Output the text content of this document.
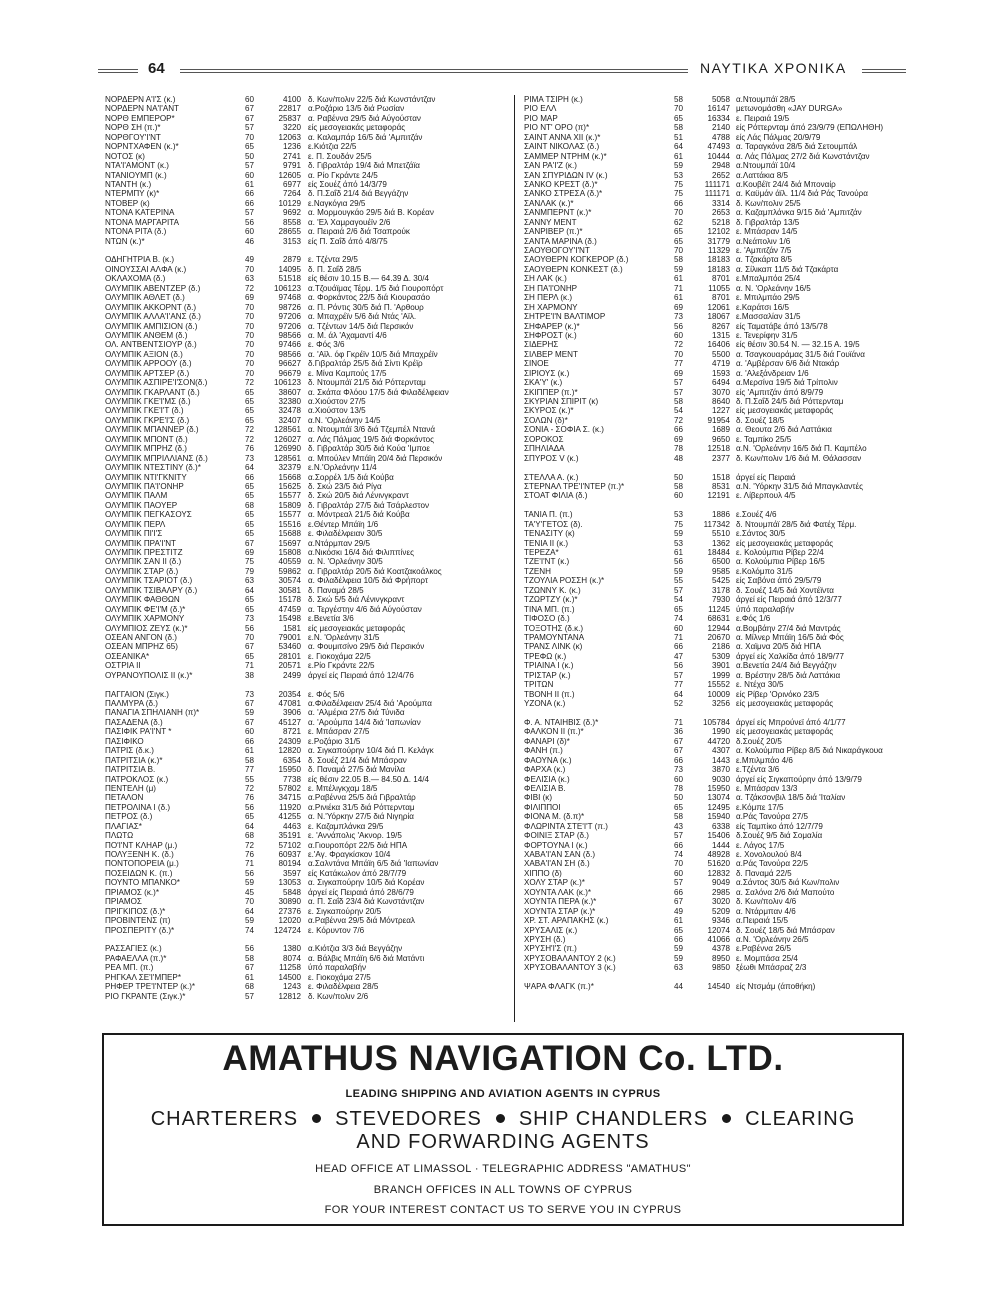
64	ΝΑΥΤΙΚΑ ΧΡΟΝΙΚΑ
ΝΟΡΔΕΡΝ Α'Ι'Σ (κ.)	60	4100 δ. Κων/πολιν 22/5 διά Κωνστάντζαν
ΝΟΡΔΕΡΝ ΝΑ'Ι'ΑΝΤ	67	22817 α.Ροζάριο 13/5 διά Ρωσίαν
ΝΟΡΘ ΕΜΠΕΡΟΡ*	67	25837 α. Ραβέννα 29/5 διά Αύγούσταν
ΝΟΡΘ ΣΗ (π.)*	57	3220 είς μεσογειακάς μεταφοράς
ΝΟΡΘΓΟΥ'Ι'ΝΤ	70	12063 α. Καλαμπάρ 16/5 διά 'Αμπιτζάν
ΝΟΡΝΤΧΑΦΕΝ (κ.)*	65	1236 ε.Κιότζια 22/5
ΝΟΤΟΣ (κ)	50	2741 ε. Π. Σουδάν 25/5
ΝΤΑ'Ι'ΑΜΟΝΤ (κ.)	57	9791 δ. Γιβραλτάρ 19/4 διά Μπετζάϊα
ΝΤΑΝΙΟΥΜΠ (κ.)	60	12605 α. Ρίο Γκράντε 24/5
ΝΤΑΝΤΗ (κ.)	61	6977 είς Σουέζ άπό 14/3/79
ΝΤΕΡΜΠΥ (κ)*	66	7264 δ. Π.Σαΐδ 21/4 διά Βεγγάζην
ΝΤΟΒΕΡ (κ)	66	10129 ε.Ναγκόγια 29/5
ΝΤΟΝΑ ΚΑΤΕΡΙΝΑ	57	9692 α. Μορμουγκάο 29/5 διά Β. Κορέαν
ΝΤΟΝΑ ΜΑΡΓΑΡΙΤΑ	56	8558 α. 'Ελ Χαμραγουέϊν 2/6
ΝΤΟΝΑ ΡΙΤΑ (δ.)	60	28655 α. Πειραιά 2/6 διά Τσαπρούκ
ΝΤΩΝ (κ.)*	46	3153 είς Π. Σαΐδ άπό 4/8/75
ΟΔΗΓΗΤΡΙΑ Β. (κ.)	49	2879 ε. Τζέντα 29/5
ΟΙΝΟΥΣΣΑΙ ΑΛΦΑ (κ.)	70	14095 δ. Π. Σαΐδ 28/5
ΟΚΛΑΧΟΜΑ (δ.)	63	51518 είς θέσιν 10.15 Β.— 64.39 Δ. 30/4
ΟΛΥΜΠΙΚ ΑΒΕΝΤΖΕΡ (δ.)	72	106123 α.Τζουάϊμας Τέρμ. 1/5 διά Γιουροπόρτ
ΟΛΥΜΠΙΚ ΑΘΛΕΤ (δ.)	69	97468 α. Φορκάντος 22/5 διά Κιουρασάο
ΟΛΥΜΠΙΚ ΑΚΚΟΡΝΤ (δ.)	70	98726 α. Π. Ρόντις 30/5 διά Π. 'Αρθουρ
ΟΛΥΜΠΙΚ ΑΛΛΑ'Ι'ΑΝΣ (δ.)	70	97206 α. Μπαχρέϊν 5/6 διά Ντάς 'Αϊλ.
ΟΛΥΜΠΙΚ ΑΜΠΙΣΙΟΝ (δ.)	70	97206 α. Τζέντων 14/5 διά Περσικόν
ΟΛΥΜΠΙΚ ΑΝΘΕΜ (δ.)	70	98566 α. Μ. άλ 'Αχαμαντί 4/6
ΟΛ. ΑΝΤΒΕΝΤΣΙΟΥΡ (δ.)	70	97466 ε. Φός 3/6
ΟΛΥΜΠΙΚ ΑΞΙΟΝ (δ.)	70	98566 α. 'Αϊλ. όφ Γκρέϊν 10/5 διά Μπαχρέϊν
ΟΛΥΜΠΙΚ ΑΡΡΟΟΥ (δ.)	70	96627 δ.Γιβραλτάρ 25/5 διά Σίντι Κρέϊρ
ΟΛΥΜΠΙΚ ΑΡΤΣΕΡ (δ.)	70	96679 ε. Μίνα Καμπούς 17/5
ΟΛΥΜΠΙΚ ΑΣΠΙΡΕ'Ι'ΣΟΝ(δ.)	72	106123 δ. Ντουμπάϊ 21/5 διά Ρόττερνταμ
ΟΛΥΜΠΙΚ ΓΚΑΡΛΑΝΤ (δ.)	65	38607 α. Σκάπα Φλόου 17/5 διά Φιλαδέλφειαν
ΟΛΥΜΠΙΚ ΓΚΕ'Ι'ΜΣ (δ.)	65	32380 α.Χιούστον 27/5
ΟΛΥΜΠΙΚ ΓΚΕ'Ι'Τ (δ.)	65	32478 α.Χιούστον 13/5
ΟΛΥΜΠΙΚ ΓΚΡΕ'Ι'Σ (δ.)	65	32407 α.Ν. 'Ορλεάνην 14/5
ΟΛΥΜΠΙΚ ΜΠΑΝΝΕΡ (δ.)	72	128561 α. Ντουμπάϊ 3/6 διά Τζεμπέλ Ντανά
ΟΛΥΜΠΙΚ ΜΠΟΝΤ (δ.)	72	126027 α. Λάς Πάλμας 19/5 διά Φορκάντος
ΟΛΥΜΠΙΚ ΜΠΡΗΖ (δ.)	76	126990 δ. Γιβραλτάρ 30/5 διά Κούα 'Ιμποε
ΟΛΥΜΠΙΚ ΜΠΡΙΛΛΙΑΝΣ (δ.)	73	128561 α. Μπούλεν Μπάϊη 20/4 διά Περσικόν
ΟΛΥΜΠΙΚ ΝΤΕΣΤΙΝΥ (δ.)*	64	32379 ε.Ν.'Ορλεάνην 11/4
ΟΛΥΜΠΙΚ ΝΤΙ'ΓΚΝΙΤΥ	66	15668 α.Σορρέλ 1/5 διά Κούβα
ΟΛΥΜΠΙΚ ΠΑ'Ι'ΟΝΗΡ	65	15625 δ. Σκώ 23/5 διά Ρίγα
ΟΛΥΜΠΙΚ ΠΑΛΜ	65	15577 δ. Σκώ 20/5 διά Λένινγκραντ
ΟΛΥΜΠΙΚ ΠΑΟΥΕΡ	68	15809 δ. Γιβραλτάρ 27/5 διά Τσάρλεστον
ΟΛΥΜΠΙΚ ΠΕΓΚΑΣΟΥΣ	65	15577 α. Μόντρεαλ 21/5 διά Κούβα
ΟΛΥΜΠΙΚ ΠΕΡΛ	65	15516 ε.Θέντερ Μπάϊη 1/6
ΟΛΥΜΠΙΚ ΠΙ'Ι'Σ	65	15688 ε. Φιλαδέλφειαν 30/5
ΟΛΥΜΠΙΚ ΠΡΑ'Ι'ΝΤ	67	15697 α.Ντάρμπαν 29/5
ΟΛΥΜΠΙΚ ΠΡΕΣΤΙΤΖ	69	15808 α.Νικόσκι 16/4 διά Φιλιππίνες
ΟΛΥΜΠΙΚ ΣΑΝ ΙΙ (δ.)	75	40559 α. Ν. 'Ορλεάνην 30/5
ΟΛΥΜΠΙΚ ΣΤΑΡ (δ.)	79	59862 α. Γιβραλτάρ 20/5 διά Κοατζακοάλκος
ΟΛΥΜΠΙΚ ΤΣΑΡΙΟΤ (δ.)	63	30574 α. Φιλαδέλφεια 10/5 διά Φρήπορτ
ΟΛΥΜΠΙΚ ΤΣΙΒΑΛΡΥ (δ.)	64	30581 δ. Παναμά 28/5
ΟΛΥΜΠΙΚ ΦΑΘΘΩΝ	65	15178 δ. Σκώ 5/5 διά Λένινγκραντ
ΟΛΥΜΠΙΚ ΦΕ'Ι'Μ (δ.)*	65	47459 α. Τεργέστην 4/6 διά Αύγούσταν
ΟΛΥΜΠΙΚ ΧΑΡΜΟΝΥ	73	15498 ε.Βενετία 3/6
ΟΛΥΜΠΙΟΣ ΖΕΥΣ (κ.)*	56	1581 είς μεσογειακάς μεταφοράς
ΟΣΕΑΝ ΑΝΓΟΝ (δ.)	70	79001 ε.Ν. 'Ορλεάνην 31/5
ΟΣΕΑΝ ΜΠΡΗΖ 65)	67	53460 α. Φουμιτσίνο 29/5 διά Περσικόν
ΟΣΕΑΝΙΚΑ*	65	28101 ε. Γιοκοχάμα 22/5
ΟΣΤΡΙΑ ΙΙ	71	20571 ε.Ρίο Γκράντε 22/5
ΟΥΡΑΝΟΥΠΟΛΙΣ ΙΙ (κ.)*	38	2499 άργεί είς Πειραιά άπό 12/4/76
ΠΑΓΓΑΙΟΝ (Σιγκ.)	73	20354 ε. Φός 5/6
ΠΑΛΜΥΡΑ (δ.)	67	47081 α.Φιλαδέλφειαν 25/4 διά 'Αρούμπα
ΠΑΝΑΓΙΑ ΣΠΗΛΙΑΝΗ (π)*	59	3906 α. 'Αλμέρια 27/5 διά Τύνιδα
ΠΑΣΑΔΕΝΑ (δ.)	67	45127 α. 'Αρούμπα 14/4 διά 'Ιαπωνίαν
ΠΑΣΙΦΙΚ ΡΑ'Ι'ΝΤ *	60	8721 ε. Μπάσραν 27/5
ΠΑΣΙΦΙΚΟ	66	24309 ε.Ροζάριο 31/5
ΠΑΤΡΙΣ (δ.κ.)	61	12820 α. Σιγκαπούρην 10/4 διά Π. Κελάγκ
ΠΑΤΡΙΤΣΙΑ (κ.)*	58	6354 δ. Σουέζ 21/4 διά Μπάσραν
ΠΑΤΡΙΤΣΙΑ Β.	77	15950 δ. Παναμά 27/5 διά Μανίλα
ΠΑΤΡΟΚΛΟΣ (κ.)	55	7738 είς θέσιν 22.05 Β.— 84.50 Δ. 14/4
ΠΕΝΤΕΛΗ (μ)	72	57802 ε. Μπέλιγκχαμ 18/5
ΠΕΤΑΛΟΝ	76	34715 α.Ραβέννα 25/5 διά Γιβραλτάρ
ΠΕΤΡΟΛΙΝΑ Ι (δ.)	56	11920 α.Ρινιέκα 31/5 διά Ρόττερνταμ
ΠΕΤΡΟΣ (δ.)	65	41255 α. Ν.'Υόρκην 27/5 διά Νιγηρία
ΠΛΑΓΙΑΣ*	64	4463 ε. Καζαμπλάνκα 29/5
ΠΛΩΤΩ	68	35191 ε. 'Αννάπολις 'Ακνορ. 19/5
ΠΟ'Ι'ΝΤ ΚΛΗΑΡ (μ.)	72	57102 α.Γιουροπόρτ 22/5 διά ΗΠΑ
ΠΟΛΥΞΕΝΗ Κ. (δ.)	76	60937 ε.'Αγ. Φραγκίσκον 10/4
ΠΟΝΤΟΠΟΡΕΙΑ (μ.)	71	80194 α.Σαλντάνα Μπάϊη 6/5 διά 'Ιαπωνίαν
ΠΟΣΕΙΔΩΝ Κ. (π.)	56	3597 είς Κατάκωλον άπό 28/7/79
ΠΟΥΝΤΟ ΜΠΑΝΚΟ*	59	13053 α. Σιγκαπούρην 10/5 διά Κορέαν
ΠΡΙΑΜΟΣ (κ.)*	45	5848 άργεί είς Πειραιά άπό 28/6/79
ΠΡΙΑΜΟΣ	70	30890 α. Π. Σαΐδ 23/4 διά Κωνστάντζαν
ΠΡΙΓΚΙΠΟΣ (δ.)*	64	27376 ε. Σιγκαπούρην 20/5
ΠΡΟΒΙΝΤΕΝΣ (π)	59	12020 α.Ραβέννα 29/5 διά Μόντρεαλ
ΠΡΟΣΠΕΡΙΤΥ (δ.)*	74	124724 ε. Κόρυντον 7/6
ΡΑΣΣΑΓΙΕΣ (κ.)	56	1380 α.Κιότζια 3/3 διά Βεγγάζην
ΡΑΦΑΕΛΛΑ (π.)*	58	8074 α. Βάλβις Μπάϊη 6/6 διά Ματάντι
ΡΕΑ ΜΠ. (π.)	67	11258 ύπό παραλαβήν
ΡΗΓΚΑΛ ΣΕ'Ι'ΜΠΕΡ*	61	14500 ε. Γιοκοχάμα 27/5
ΡΗΦΕΡ ΤΡΕ'Ι'ΝΤΕΡ (κ.)*	68	1243 ε. Φιλαδέλφεια 28/5
ΡΙΟ ΓΚΡΑΝΤΕ (Σιγκ.)*	57	12812 δ. Κων/πολιν 2/6
ΡΙΜΑ ΤΣΙΡΗ (κ.)	58	5058 α.Ντουμπάϊ 28/5
ΡΙΟ ΕΛΛ	70	16147 μετωνομάσθη «JAY DURGA»
ΡΙΟ ΜΑΡ	65	16334 ε. Πειραιά 19/5
ΡΙΟ ΝΤ' ΟΡΟ (π)*	58	2140 είς Ρόττερνταμ άπό 23/9/79 (ΕΠΩΛΗΘΗ)
ΣΑΙΝΤ ΑΝΝΑ ΧΙΙ (κ.)*	51	4788 είς Λάς Πάλμας 20/9/79
ΣΑΙΝΤ ΝΙΚΟΛΑΣ (δ.)	64	47493 α. Ταραγκόνα 28/5 διά Σετουμπάλ
ΣΑΜΜΕΡ ΝΤΡΗΜ (κ.)*	61	10444 α. Λάς Πάλμας 27/2 διά Κωνστάντζαν
ΣΑΝ ΡΑ'Ι'Ζ (κ.)	59	2948 α.Ντουμπάϊ 10/4
ΣΑΝ ΣΠΥΡΙΔΩΝ ΙV (κ.)	53	2652 α.Λαττάκια 8/5
ΣΑΝΚΟ ΚΡΕΣΤ (δ.)*	75	111171 α.Κουβέϊτ 24/4 διά Μποναίρ
ΣΑΝΚΟ ΣΤΡΕΣΑ (δ.)*	75	111171 α. Καϋμάν άϊλ. 11/4 διά Ράς Τανούρα
ΣΑΝΛΑΚ (κ.)*	66	3314 δ. Κων/πολιν 25/5
ΣΑΝΜΠΕΡΝΤ (κ.)*	70	2653 α. Καζαμπλάνκα 9/15 διά 'Αμπιτζάν
ΣΑΝΝΥ ΜΕΝΤ	62	5218 δ. Γιβραλτάρ 13/5
ΣΑΝΡΙΒΕΡ (π.)*	65	12102 ε. Μπάσραν 14/5
ΣΑΝΤΑ ΜΑΡΙΝΑ (δ.)	65	31779 α.Νεάπολιν 1/6
ΣΑΟΥΘΟΓΟΥ'Ι'ΝΤ	70	11329 ε. 'Αμπιτζάν 7/5
ΣΑΟΥΘΕΡΝ ΚΟΓΚΕΡΟΡ (δ.)	58	18183 α. Τζακάρτα 8/5
ΣΑΟΥΘΕΡΝ ΚΟΝΚΕΣΤ (δ.)	59	18183 α. Σίλικαπ 11/5 διά Τζακάρτα
ΣΗ ΛΑΚ (κ.)	61	8701 ε.Μπαλμπόα 25/4
ΣΗ ΠΑ'Ι'ΟΝΗΡ	71	11055 α. Ν. 'Ορλεάνην 16/5
ΣΗ ΠΕΡΛ (κ.)	61	8701 ε. Μπιλμπάο 29/5
ΣΗ ΧΑΡΜΟΝΥ	69	12061 ε.Καράτσι 16/5
ΣΗΤΡΕ'Ι'Ν ΒΑΛΤΙΜΟΡ	73	18067 ε.Μασσαλίαν 31/5
ΣΗΦΑΡΕΡ (κ.)*	56	8267 είς Ταματάβε άπό 13/5/78
ΣΗΦΡΟΣΤ (κ.)	60	1315 ε. Τενερίφην 31/5
ΣΙΔΕΡΗΣ	72	16406 είς θέσιν 30.54 Ν. — 32.15 Α. 19/5
ΣΙΛΒΕΡ ΜΕΝΤ	70	5500 α. Τσαγκουαράμας 31/5 διά Γουϊάνα
ΣΙΝΟΕ	77	4719 α. 'Αμβέρσαν 6/6 διά Ντακάρ
ΣΙΡΙΟΥΣ (κ.)	69	1593 α. 'Αλεξάνδρειαν 1/6
ΣΚΑ'Υ' (κ.)	57	6494 α.Μερσίνα 19/5 διά Τρίπολιν
ΣΚΙΠΠΕΡ (π.)*	57	3070 είς 'Αμπιτζάν άπό 8/9/79
ΣΚΥΡΙΑΝ ΣΠΙΡΙΤ (κ)	58	8640 δ. Π.Σαΐδ 24/5 διά Ρόττερνταμ
ΣΚΥΡΟΣ (κ.)*	54	1227 είς μεσογειακάς μεταφοράς
ΣΟΛΩΝ (δ)*	72	91954 δ. Σουέζ 18/5
ΣΟΝΙΑ - ΣΟΦΙΑ Σ. (κ.)	66	1689 α. Θεουτα 2/6 διά Λαττάκια
ΣΟΡΟΚΟΣ	69	9650 ε. Ταμπίκο 25/5
ΣΠΗΛΙΑΔΑ	78	12518 α.Ν. 'Ορλεάνην 16/5 διά Π. Καμπέλο
ΣΠΥΡΟΣ V (κ.)	48	2377 δ. Κων/πολιν 1/6 διά Μ. Θάλασσαν
ΣΤΕΛΛΑ Α. (κ.)	50	1518 άργεί είς Πειραιά
ΣΤΕΡΝΑΛ ΤΡΕ'Ι'ΝΤΕΡ (π.)*	58	8531 α.Ν. 'Υόρκην 31/5 διά Μπαγκλαντές
ΣΤΟΑΤ ΦΙΛΙΑ (δ.)	60	12191 ε. Λίβερπουλ 4/5
ΤΑΝΙΑ Π. (π.)	53	1886 ε.Σουέζ 4/6
ΤΑ'Υ'ΓΕΤΟΣ (δ).	75	117342 δ. Ντουμπάϊ 28/5 διά Φατέχ Τέρμ.
ΤΕΝΑΣΙΤΥ (κ)	59	5510 ε.Σάντος 30/5
ΤΕΝΙΑ ΙΙ (κ.)	53	1362 είς μεσογειακάς μεταφοράς
ΤΕΡΕΖΑ*	61	18484 ε. Κολούμπια Ρίβερ 22/4
ΤΖΕ'Ι'ΝΤ (κ.)	56	6500 α. Κολούμπια Ρίβερ 16/5
ΤΖΕΝΗ	59	9585 ε.Κολόμπο 31/5
ΤΖΟΥΛΙΑ ΡΟΣΣΗ (κ.)*	55	5425 είς Σαβόνα άπό 29/5/79
ΤΖΩΝΝΥ Κ. (κ.)	57	3178 δ. Σουέζ 14/5 διά Χοντέϊντα
ΤΖΩΡΤΖΥ (κ.)*	54	7930 άργεί είς Πειραιά άπό 12/3/77
ΤΙΝΑ ΜΠ. (π.)	65	11245 ύπό παραλαβήν
ΤΙΦΟΣΟ (δ.)	74	68631 ε.Φός 1/6
ΤΟΞΟΤΗΣ (δ.κ.)	60	12944 α.Βομβάην 27/4 διά Μαντράς
ΤΡΑΜΟΥΝΤΑΝΑ	71	20670 α. Μίλνερ Μπάϊη 16/5 διά Φός
ΤΡΑΝΣ ΛΙΝΚ (κ)	66	2186 α. Χαϊμνα 20/5 διά ΗΠΑ
ΤΡΕΦΩ (κ.)	47	5309 άργεί είς Χαλκίδα άπό 18/9/77
ΤΡΙΑΙΝΑ Ι (κ.)	56	3901 α.Βενετία 24/4 διά Βεγγάζην
ΤΡΙΣΤΑΡ (κ.)	57	1999 α. Βρέστην 28/5 διά Λαττάκια
ΤΡΙΤΩΝ	77	15552 ε. Ντέχα 30/5
ΤΒΟΝΗ ΙΙ (π.)	64	10009 είς Ρίβερ 'Ορινόκο 23/5
ΥΖΟΝΑ (κ.)	52	3256 είς μεσογειακάς μεταφοράς
Φ. Α. ΝΤΑΙΗΒΙΣ (δ.)*	71	105784 άργεί είς Μπρούνεϊ άπό 4/1/77
ΦΑΛΚΟΝ ΙΙ (π.)*	36	1990 είς μεσογειακάς μεταφοράς
ΦΑΝΑΡΙ (δ)*	67	44720 δ.Σουέζ 20/5
ΦΑΝΗ (π.)	67	4307 α. Κολούμπια Ρίβερ 8/5 διά Νικαράγκουα
ΦΑΟΥΝΑ (κ.)	66	1443 ε.Μπιλμπάο 4/6
ΦΑΡΧΑ (κ.)	73	3870 ε.Τζέντα 3/6
ΦΕΛΙΣΙΑ (κ.)	60	9030 άργεί είς Σιγκαπούρην άπό 13/9/79
ΦΕΛΙΣΙΑ Β.	78	15950 ε. Μπάσραν 13/3
ΦΙΒΙ (κ)	50	13074 α. Τζάκσονβιλ 18/5 διά 'Ιταλίαν
ΦΙΛΙΠΠΟΙ	65	12495 ε.Κόμπε 17/5
ΦΙΟΝΑ Μ. (δ.π)*	58	15940 α.Ράς Τανούρα 27/5
ΦΛΩΡΙΝΤΑ ΣΤΕ'Ι'Τ (π.)	43	6338 είς Ταμπίκο άπό 12/7/79
ΦΟΙΝΙΞ ΣΤΑΡ (δ.)	57	15406 δ.Σουέζ 9/5 διά Σομαλία
ΦΟΡΤΟΥΝΑ Ι (κ.)	66	1444 ε. Λάγος 17/5
ΧΑΒΑ'Ι'ΑΝ ΣΑΝ (δ.)	74	48928 ε. Χονολουλού 8/4
ΧΑΒΑ'Ι'ΑΝ ΣΗ (δ.)	70	51620 α.Ράς Τανούρα 22/5
ΧΙΠΠΟ (δ)	60	12832 δ. Παναμά 22/5
ΧΟΛΥ ΣΤΑΡ (κ.)*	57	9049 α.Σάντος 30/5 διά Κων/πολιν
ΧΟΥΝΤΑ ΛΑΚ (κ.)*	66	2985 α. Σαλόνα 2/6 διά Μαπούτο
ΧΟΥΝΤΑ ΠΕΡΑ (κ.)*	67	3020 δ. Κων/πολιν 4/6
ΧΟΥΝΤΑ ΣΤΑΡ (κ.)*	49	5209 α. Ντάρμπαν 4/6
ΧΡ. ΣΤ. ΑΡΑΠΑΚΗΣ (κ.)	61	9346 α.Πειραιά 15/5
ΧΡΥΣΑΛΙΣ (κ.)	65	12074 δ. Σουέζ 18/5 διά Μπάσραν
ΧΡΥΣΗ (δ.)	66	41066 α.Ν. 'Ορλεάνην 26/5
ΧΡΥΣΗ'Ι'Σ (π.)	59	4378 ε.Ραβέννα 26/5
ΧΡΥΣΟΒΑΛΑΝΤΟΥ 2 (κ.)	59	8950 ε. Μομπάσα 25/4
ΧΡΥΣΟΒΑΛΑΝΤΟΥ 3 (κ.)	63	9850 ξέωθι Μπάσραζ 2/3
ΨΑΡΑ ΦΛΑΓΚ (π.)*	44	14540 είς Ντσμάμ (άποθήκη)
AMATHUS NAVIGATION Co. LTD.
LEADING SHIPPING AND AVIATION AGENTS IN CYPRUS
CHARTERERS STEVEDORES SHIP CHANDLERS CLEARING
AND FORWARDING AGENTS
HEAD OFFICE AT LIMASSOL · TELEGRAPHIC ADDRESS "AMATHUS"
BRANCH OFFICES IN ALL TOWNS OF CYPRUS
FOR YOUR INTEREST CONTACT US TO SERVE YOU IN CYPRUS
